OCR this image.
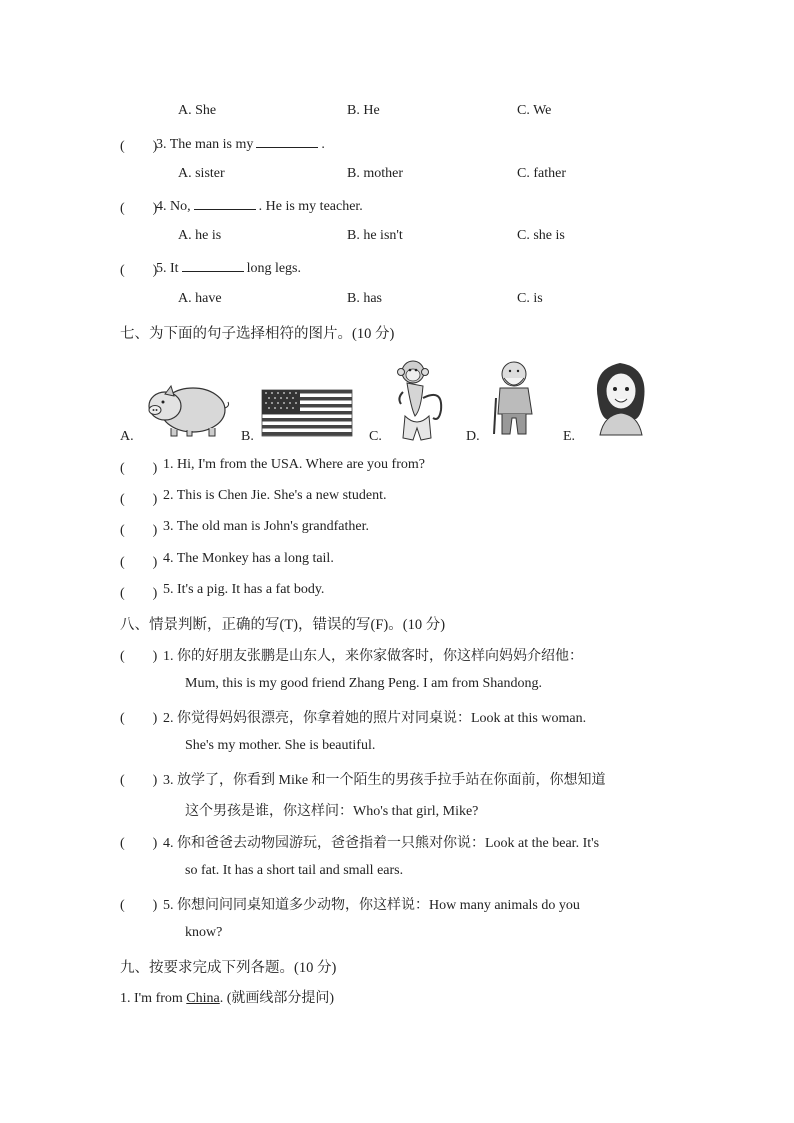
A. She	B. He	C. We
(　　)
3. The man is my	.
A. sister	B. mother	C. father
(　　)
4. No,	. He is my teacher.
A. he is	B. he isn't	C. she is
(　　)
5. It	long legs.
A. have	B. has	C. is
七、为下面的句子选择相符的图片。(10 分)
A.	B.	C.	D.	E.
(　　) 1. Hi, I'm from the USA. Where are you from?
(　　) 2. This is Chen Jie. She's a new student.
(　　) 3. The old man is John's grandfather.
(　　) 4. The Monkey has a long tail.
(　　) 5. It's a pig. It has a fat body.
八、情景判断，正确的写(T)，错误的写(F)。(10 分)
(　　) 1. 你的好朋友张鹏是山东人，来你家做客时，你这样向妈妈介绍他：
Mum, this is my good friend Zhang Peng. I am from Shandong.
(　　) 2. 你觉得妈妈很漂亮，你拿着她的照片对同桌说：Look at this woman.
She's my mother. She is beautiful.
(　　) 3. 放学了，你看到 Mike 和一个陌生的男孩手拉手站在你面前，你想知道
这个男孩是谁，你这样问：Who's that girl, Mike?
(　　) 4. 你和爸爸去动物园游玩，爸爸指着一只熊对你说：Look at the bear. It's
so fat. It has a short tail and small ears.
(　　) 5. 你想问问同桌知道多少动物，你这样说：How many animals do you
know?
九、按要求完成下列各题。(10 分)
1. I'm from China. (就画线部分提问)
